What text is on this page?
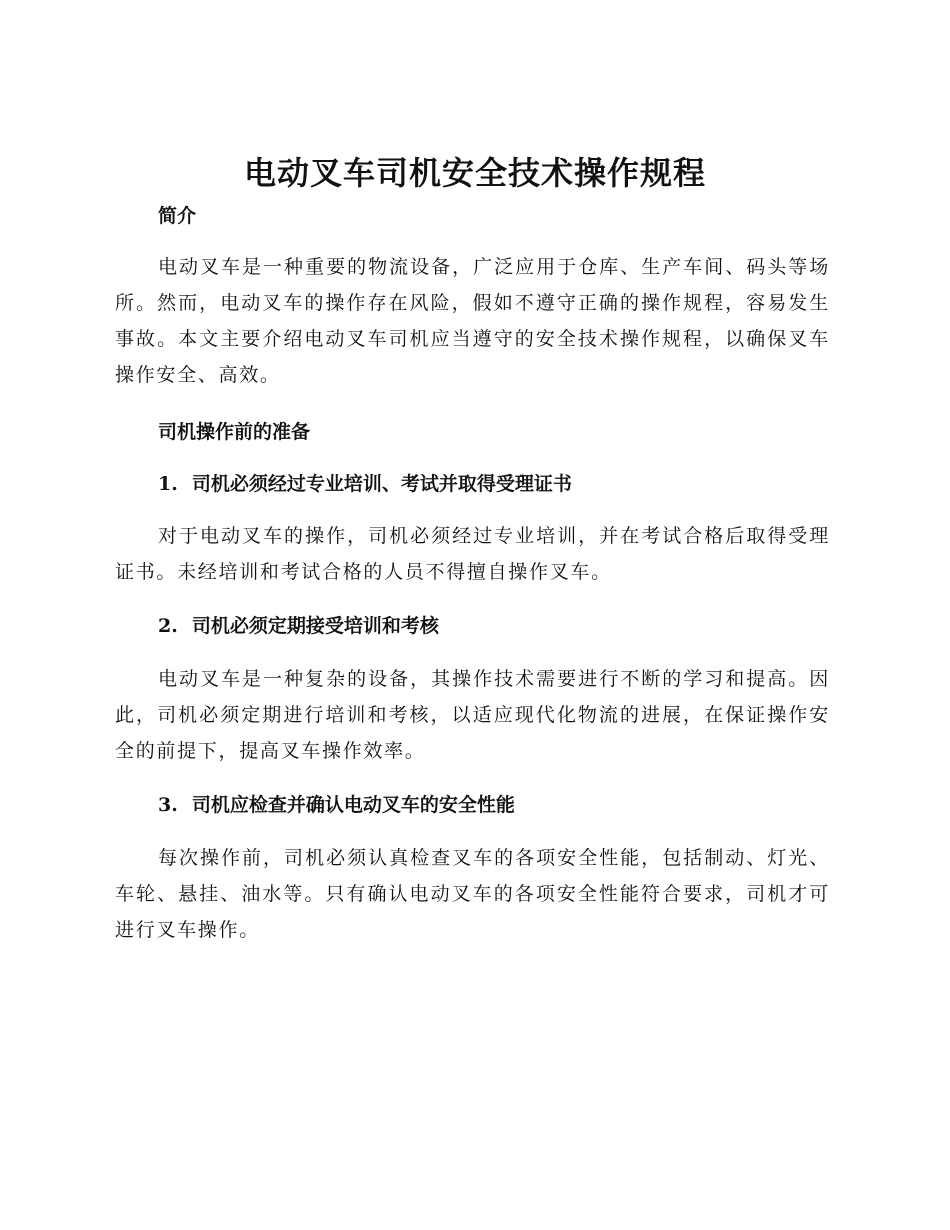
电动叉车司机安全技术操作规程
简介

电动叉车是一种重要的物流设备，广泛应用于仓库、生产车间、码头等场所。然而，电动叉车的操作存在风险，假如不遵守正确的操作规程，容易发生事故。本文主要介绍电动叉车司机应当遵守的安全技术操作规程，以确保叉车操作安全、高效。

司机操作前的准备
1. 司机必须经过专业培训、考试并取得受理证书

对于电动叉车的操作，司机必须经过专业培训，并在考试合格后取得受理证书。未经培训和考试合格的人员不得擅自操作叉车。

2. 司机必须定期接受培训和考核

电动叉车是一种复杂的设备，其操作技术需要进行不断的学习和提高。因此，司机必须定期进行培训和考核，以适应现代化物流的进展，在保证操作安全的前提下，提高叉车操作效率。

3. 司机应检查并确认电动叉车的安全性能

每次操作前，司机必须认真检查叉车的各项安全性能，包括制动、灯光、车轮、悬挂、油水等。只有确认电动叉车的各项安全性能符合要求，司机才可进行叉车操作。
